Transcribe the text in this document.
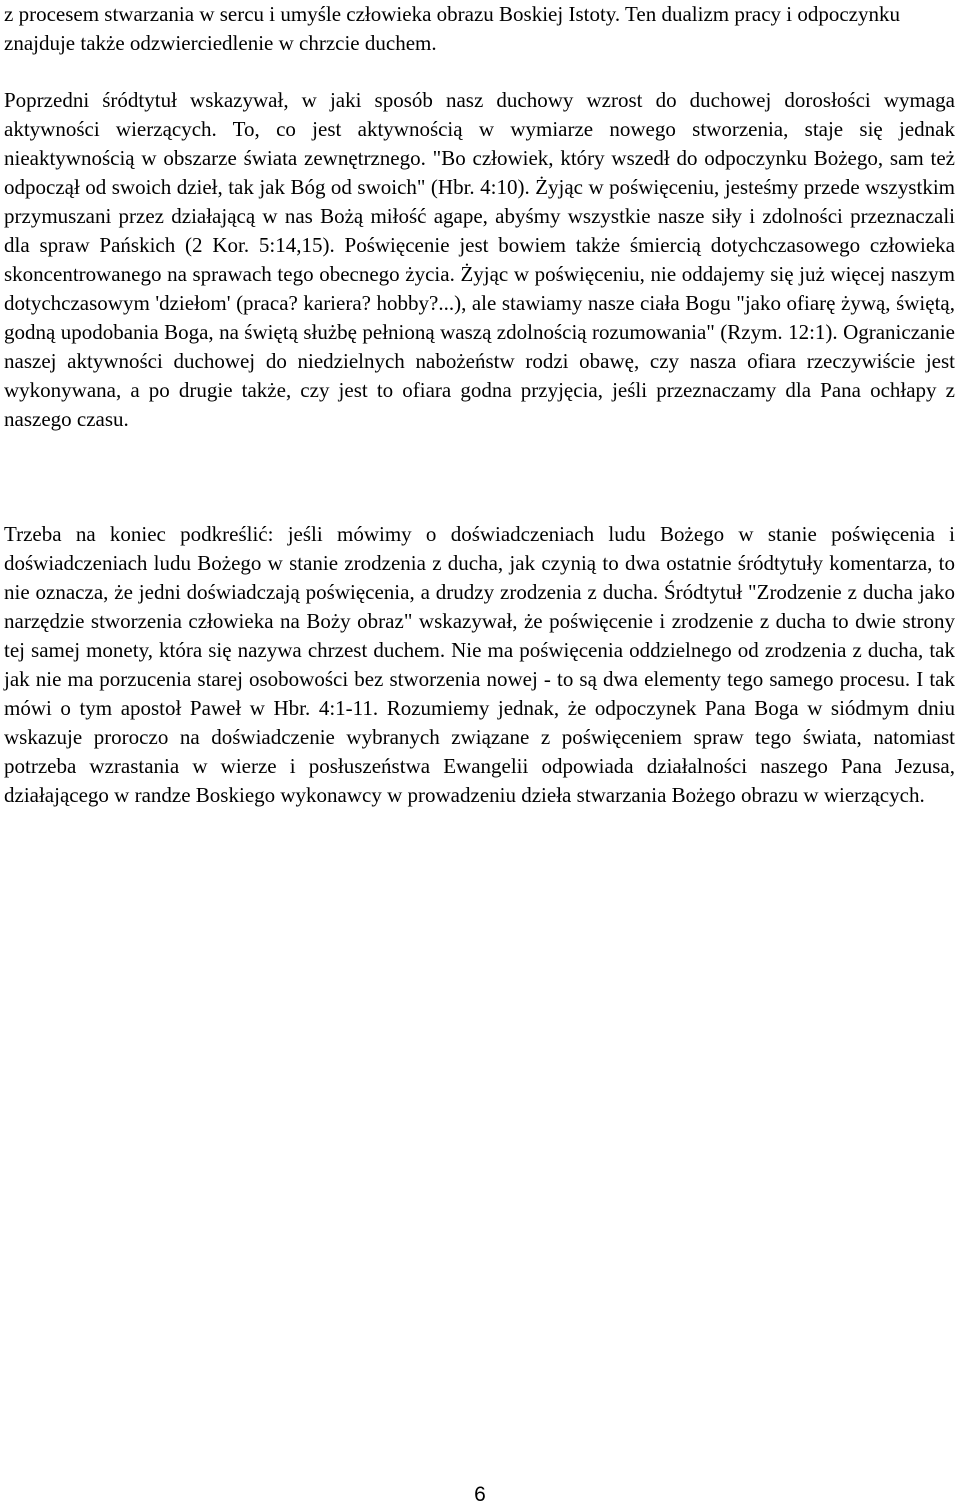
z procesem stwarzania w sercu i umyśle człowieka obrazu Boskiej Istoty. Ten dualizm pracy i odpoczynku znajduje także odzwierciedlenie w chrzcie duchem.

Poprzedni śródtytuł wskazywał, w jaki sposób nasz duchowy wzrost do duchowej dorosłości wymaga aktywności wierzących. To, co jest aktywnością w wymiarze nowego stworzenia, staje się jednak nieaktywnością w obszarze świata zewnętrznego. "Bo człowiek, który wszedł do odpoczynku Bożego, sam też odpoczął od swoich dzieł, tak jak Bóg od swoich" (Hbr. 4:10). Żyjąc w poświęceniu, jesteśmy przede wszystkim przymuszani przez działającą w nas Bożą miłość agape, abyśmy wszystkie nasze siły i zdolności przeznaczali dla spraw Pańskich (2 Kor. 5:14,15). Poświęcenie jest bowiem także śmiercią dotychczasowego człowieka skoncentrowanego na sprawach tego obecnego życia. Żyjąc w poświęceniu, nie oddajemy się już więcej naszym dotychczasowym 'dziełom' (praca? kariera? hobby?...), ale stawiamy nasze ciała Bogu "jako ofiarę żywą, świętą, godną upodobania Boga, na świętą służbę pełnioną waszą zdolnością rozumowania" (Rzym. 12:1). Ograniczanie naszej aktywności duchowej do niedzielnych nabożeństw rodzi obawę, czy nasza ofiara rzeczywiście jest wykonywana, a po drugie także, czy jest to ofiara godna przyjęcia, jeśli przeznaczamy dla Pana ochłapy z naszego czasu.

Trzeba na koniec podkreślić: jeśli mówimy o doświadczeniach ludu Bożego w stanie poświęcenia i doświadczeniach ludu Bożego w stanie zrodzenia z ducha, jak czynią to dwa ostatnie śródtytuły komentarza, to nie oznacza, że jedni doświadczają poświęcenia, a drudzy zrodzenia z ducha. Śródtytuł "Zrodzenie z ducha jako narzędzie stworzenia człowieka na Boży obraz" wskazywał, że poświęcenie i zrodzenie z ducha to dwie strony tej samej monety, która się nazywa chrzest duchem. Nie ma poświęcenia oddzielnego od zrodzenia z ducha, tak jak nie ma porzucenia starej osobowości bez stworzenia nowej - to są dwa elementy tego samego procesu. I tak mówi o tym apostoł Paweł w Hbr. 4:1-11. Rozumiemy jednak, że odpoczynek Pana Boga w siódmym dniu wskazuje proroczo na doświadczenie wybranych związane z poświęceniem spraw tego świata, natomiast potrzeba wzrastania w wierze i posłuszeństwa Ewangelii odpowiada działalności naszego Pana Jezusa, działającego w randze Boskiego wykonawcy w prowadzeniu dzieła stwarzania Bożego obrazu w wierzących.

6
